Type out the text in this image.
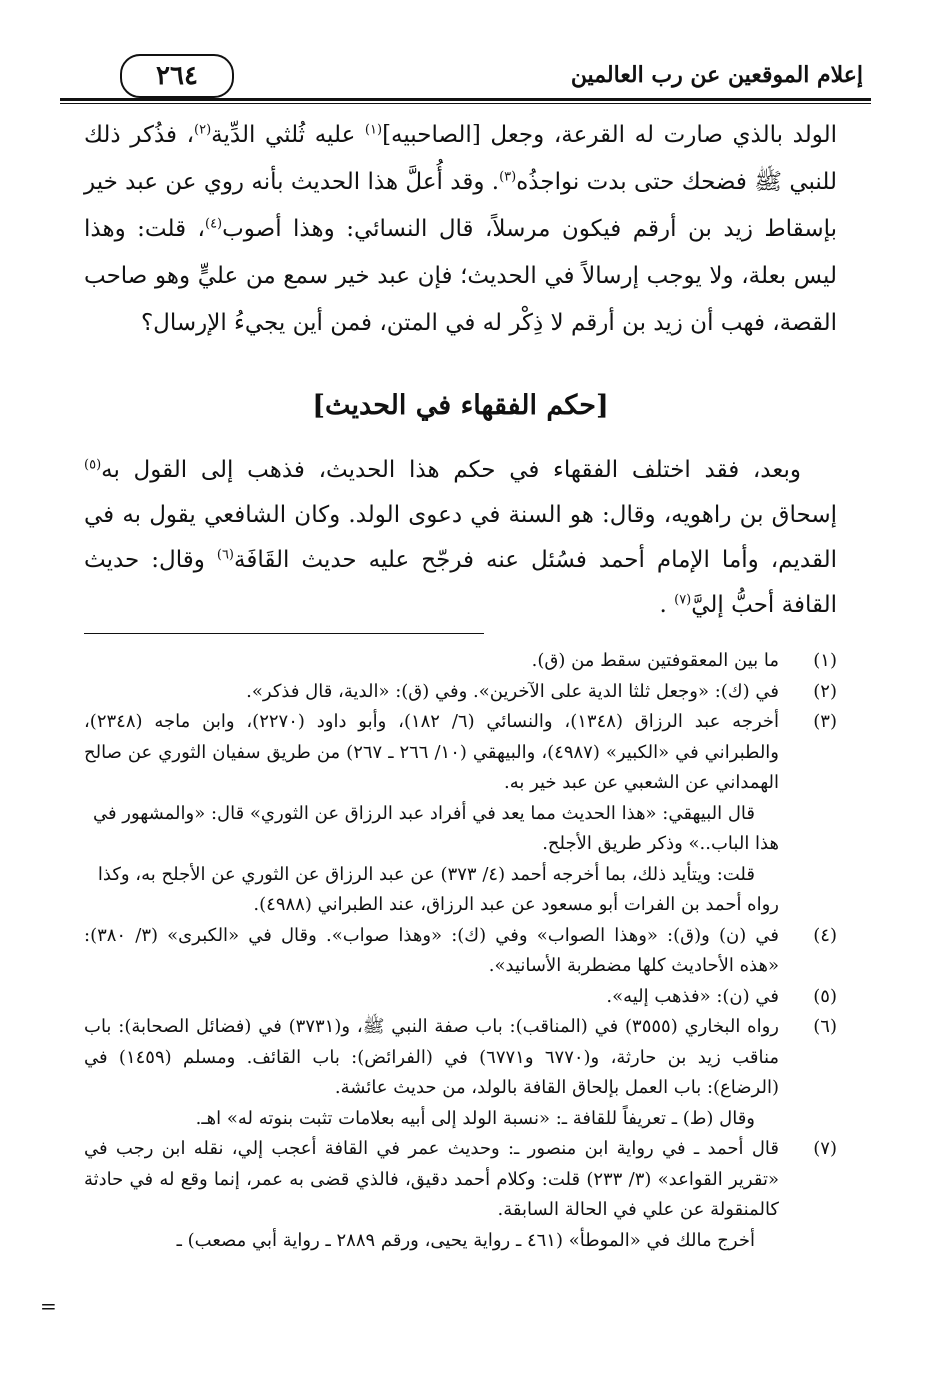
إعلام الموقعين عن رب العالمين
٢٦٤

الولد بالذي صارت له القرعة، وجعل [الصاحبيه]$^{(١)}$ عليه ثُلثي الدِّية$^{(٢)}$، فذُكر ذلك للنبي ﷺ فضحك حتى بدت نواجذُه$^{(٣)}$. وقد أُعلَّ هذا الحديث بأنه روي عن عبد خير بإسقاط زيد بن أرقم فيكون مرسلاً، قال النسائي: وهذا أصوب$^{(٤)}$، قلت: وهذا ليس بعلة، ولا يوجب إرسالاً في الحديث؛ فإن عبد خير سمع من عليٍّ وهو صاحب القصة، فهب أن زيد بن أرقم لا ذِكْر له في المتن، فمن أين يجيءُ الإرسال؟

[حكم الفقهاء في الحديث]

وبعد، فقد اختلف الفقهاء في حكم هذا الحديث، فذهب إلى القول به$^{(٥)}$ إسحاق بن راهويه، وقال: هو السنة في دعوى الولد. وكان الشافعي يقول به في القديم، وأما الإمام أحمد فسُئل عنه فرجّح عليه حديث القَافَة$^{(٦)}$ وقال: حديث القافة أحبُّ إليَّ$^{(٧)}$ .

(١)
ما بين المعقوفتين سقط من (ق).
(٢)
في (ك): «وجعل ثلثا الدية على الآخرين». وفي (ق): «الدية، قال فذكر».
(٣)
أخرجه عبد الرزاق (١٣٤٨)، والنسائي (٦/ ١٨٢)، وأبو داود (٢٢٧٠)، وابن ماجه (٢٣٤٨)، والطبراني في «الكبير» (٤٩٨٧)، والبيهقي (١٠/ ٢٦٦ ـ ٢٦٧) من طريق سفيان الثوري عن صالح الهمداني عن الشعبي عن عبد خير به.
قال البيهقي: «هذا الحديث مما يعد في أفراد عبد الرزاق عن الثوري» قال: «والمشهور في هذا الباب..» وذكر طريق الأجلح.
قلت: ويتأيد ذلك، بما أخرجه أحمد (٤/ ٣٧٣) عن عبد الرزاق عن الثوري عن الأجلح به، وكذا رواه أحمد بن الفرات أبو مسعود عن عبد الرزاق، عند الطبراني (٤٩٨٨).
(٤)
في (ن) و(ق): «وهذا الصواب» وفي (ك): «وهذا صواب». وقال في «الكبرى» (٣/ ٣٨٠): «هذه الأحاديث كلها مضطربة الأسانيد».
(٥)
في (ن): «فذهب إليه».
(٦)
رواه البخاري (٣٥٥٥) في (المناقب): باب صفة النبي ﷺ، و(٣٧٣١) في (فضائل الصحابة): باب مناقب زيد بن حارثة، و(٦٧٧٠ و٦٧٧١) في (الفرائض): باب القائف. ومسلم (١٤٥٩) في (الرضاع): باب العمل بإلحاق القافة بالولد، من حديث عائشة.
وقال (ط) ـ تعريفاً للقافة ـ: «نسبة الولد إلى أبيه بعلامات تثبت بنوته له» اهـ.
(٧)
قال أحمد ـ في رواية ابن منصور ـ: وحديث عمر في القافة أعجب إلي، نقله ابن رجب في «تقرير القواعد» (٣/ ٢٣٣) قلت: وكلام أحمد دقيق، فالذي قضى به عمر، إنما وقع له في حادثة كالمنقولة عن علي في الحالة السابقة.
أخرج مالك في «الموطأ» (٤٦١ ـ رواية يحيى، ورقم ٢٨٨٩ ـ رواية أبي مصعب) ـ
=
